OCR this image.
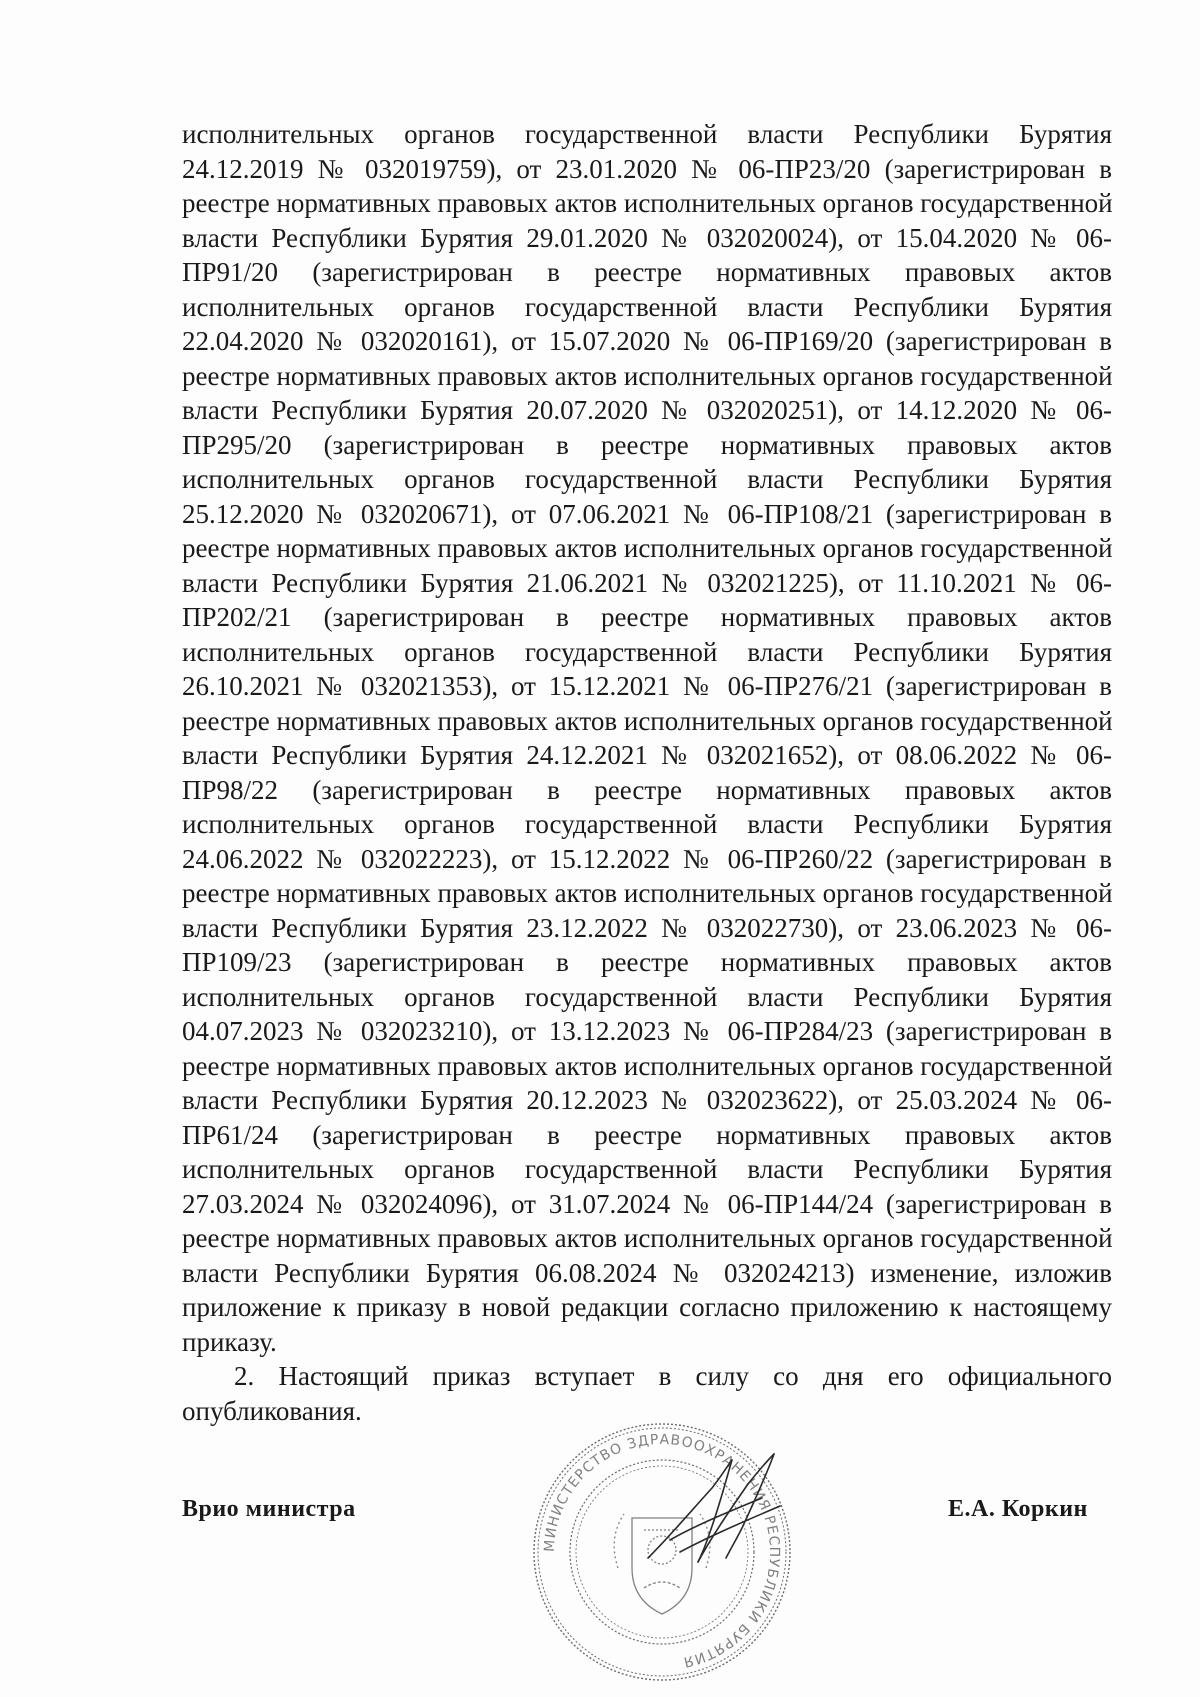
исполнительных органов государственной власти Республики Бурятия
24.12.2019 № 032019759), от 23.01.2020 № 06-ПР23/20 (зарегистрирован в
реестре нормативных правовых актов исполнительных органов государственной
власти Республики Бурятия 29.01.2020 № 032020024), от 15.04.2020 № 06-
ПР91/20 (зарегистрирован в реестре нормативных правовых актов
исполнительных органов государственной власти Республики Бурятия
22.04.2020 № 032020161), от 15.07.2020 № 06-ПР169/20 (зарегистрирован в
реестре нормативных правовых актов исполнительных органов государственной
власти Республики Бурятия 20.07.2020 № 032020251), от 14.12.2020 № 06-
ПР295/20 (зарегистрирован в реестре нормативных правовых актов
исполнительных органов государственной власти Республики Бурятия
25.12.2020 № 032020671), от 07.06.2021 № 06-ПР108/21 (зарегистрирован в
реестре нормативных правовых актов исполнительных органов государственной
власти Республики Бурятия 21.06.2021 № 032021225), от 11.10.2021 № 06-
ПР202/21 (зарегистрирован в реестре нормативных правовых актов
исполнительных органов государственной власти Республики Бурятия
26.10.2021 № 032021353), от 15.12.2021 № 06-ПР276/21 (зарегистрирован в
реестре нормативных правовых актов исполнительных органов государственной
власти Республики Бурятия 24.12.2021 № 032021652), от 08.06.2022 № 06-
ПР98/22 (зарегистрирован в реестре нормативных правовых актов
исполнительных органов государственной власти Республики Бурятия
24.06.2022 № 032022223), от 15.12.2022 № 06-ПР260/22 (зарегистрирован в
реестре нормативных правовых актов исполнительных органов государственной
власти Республики Бурятия 23.12.2022 № 032022730), от 23.06.2023 № 06-
ПР109/23 (зарегистрирован в реестре нормативных правовых актов
исполнительных органов государственной власти Республики Бурятия
04.07.2023 № 032023210), от 13.12.2023 № 06-ПР284/23 (зарегистрирован в
реестре нормативных правовых актов исполнительных органов государственной
власти Республики Бурятия 20.12.2023 № 032023622), от 25.03.2024 № 06-
ПР61/24 (зарегистрирован в реестре нормативных правовых актов
исполнительных органов государственной власти Республики Бурятия
27.03.2024 № 032024096), от 31.07.2024 № 06-ПР144/24 (зарегистрирован в
реестре нормативных правовых актов исполнительных органов государственной
власти Республики Бурятия 06.08.2024 № 032024213) изменение, изложив
приложение к приказу в новой редакции согласно приложению к настоящему
приказу.
2. Настоящий приказ вступает в силу со дня его официального
опубликования.
Врио министра	Е.А. Коркин
МИНИСТЕРСТВО ЗДРАВООХРАНЕНИЯ РЕСПУБЛИКИ БУРЯТИЯ
